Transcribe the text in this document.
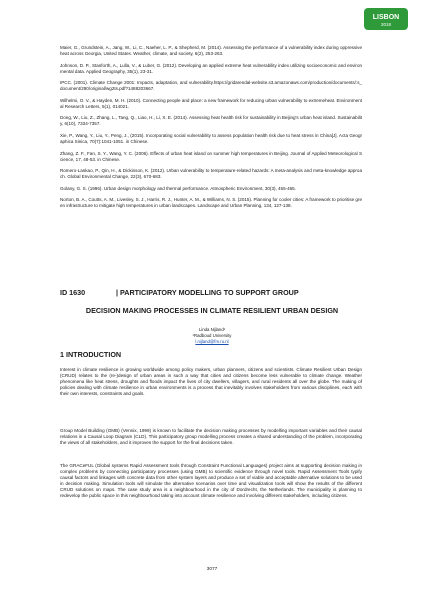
LISBON
2018

Maier, G., Grundstein, A., Jang, W., Li, C., Naeher, L. P., & Shepherd, M. (2014). Assessing the performance of a vulnerability index during oppressive heat across Georgia, United States. Weather, climate, and society, 6(2), 253-263.

Johnson, D. P., Stanforth, A., Lulla, V., & Luber, G. (2012). Developing an applied extreme heat vulnerability index utilizing socioeconomic and environmental data. Applied Geography, 35(1), 23-31.

IPCC. (2001). Climate Change 2001: Impacts, adaptation, and vulnerability.https://gridarendal-website.s3.amazonaws.com/production/documents/:s_document/290/original/wg2ts.pdf?1488203667.

Wilhelmi, O. V., & Hayden, M. H. (2010). Connecting people and place: a new framework for reducing urban vulnerability to extremeheat. Environmental Research Letters, 5(1), 014021.

Dong, W., Liu, Z., Zhang, L., Tang, Q., Liao, H., Li, X. E. (2014). Assessing heat health risk for sustainability in Beijing's urban heat island. Sustainability, 6(10), 7334-7357.

Xie, P., Wang, Y., Liu, Y., Peng, J., (2015). Incorporating social vulnerability to assess population health risk due to heat stress in China[J]. Acta Geographica Sinica, 70(7):1041-1051. in Chinese.

Zhang, Z. F., Fan, S. Y., Wang, Y. C. (2006). Effects of urban heat island on summer high temperatures in Beijing. Journal of Applied Meteorological Science, 17, 48-53. in Chinese.

Romero-Lankao, P., Qin, H., & Dickinson, K. (2012). Urban vulnerability to temperature-related hazards: A meta-analysis and meta-knowledge approach. Global Environmental Change, 22(3), 670-683.

Golany, G. S. (1996). Urban design morphology and thermal performance. Atmospheric Environment, 30(3), 455-465.

Norton, B. A., Coutts, A. M., Livesley, S. J., Harris, R. J., Hunter, A. M., & Williams, N. S. (2015). Planning for cooler cities: A framework to prioritise green infrastructure to mitigate high temperatures in urban landscapes. Landscape and Urban Planning, 134, 127-138.

ID 1630	| PARTICIPATORY MODELLING TO SUPPORT GROUP
DECISION MAKING PROCESSES IN CLIMATE RESILIENT URBAN DESIGN
Linda Nijland¹
¹Radboud University
l.nijland@fm.ru.nl
1 INTRODUCTION

Interest in climate resilience is growing worldwide among policy makers, urban planners, citizens and scientists. Climate Resilient Urban Design (CRUD) relates to the (re-)design of urban areas in such a way that cities and citizens become less vulnerable to climate change. Weather phenomena like heat stress, droughts and floods impact the lives of city dwellers, villagers, and rural residents all over the globe. The making of policies dealing with climate resilience in urban environments is a process that inevitably involves stakeholders from various disciplines, each with their own interests, constraints and goals.

Group Model Building (GMB) (Vennix, 1999) is known to facilitate the decision making processes by modelling important variables and their causal relations in a Causal Loop Diagram (CLD). This participatory group modelling process creates a shared understanding of the problem, incorporating the views of all stakeholders, and it improves the support for the final decisions taken.

The GRACeFUL (Global systems Rapid Assessment tools through Constraint Functional Languages) project aims at supporting decision making in complex problems by connecting participatory processes (using GMB) to scientific evidence through novel tools. Rapid Assessment Tools typify causal factors and linkages with concrete data from other system layers and produce a set of viable and acceptable alternative solutions to be used in decision making. Simulation tools will simulate the alternative scenarios over time and visualization tools will show the results of the different CRUD solutions on maps. The case study area is a neighbourhood in the city of Dordrecht, the Netherlands. The municipality is planning to redevelop the public space in this neighbourhood taking into account climate resilience and involving different stakeholders, including citizens.

3077
